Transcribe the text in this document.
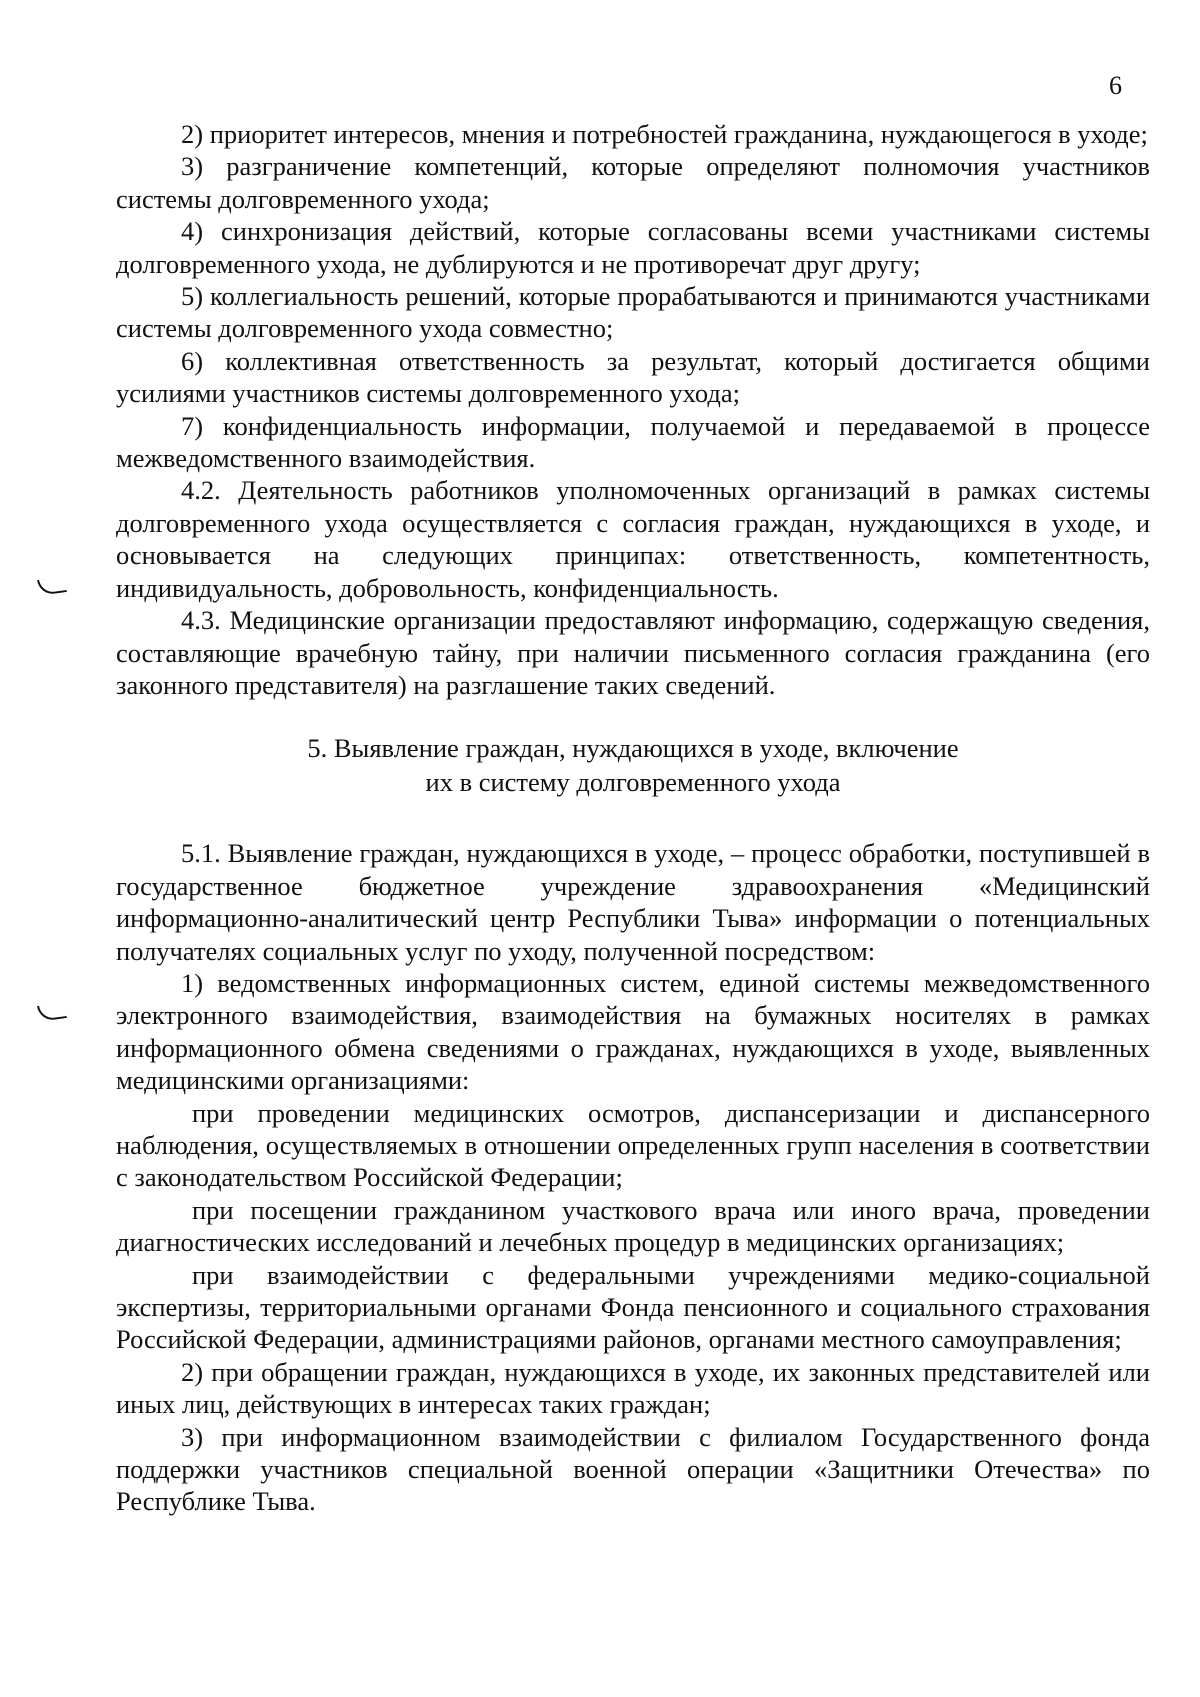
6

2) приоритет интересов, мнения и потребностей гражданина, нуждающегося в уходе;

3) разграничение компетенций, которые определяют полномочия участников системы долговременного ухода;

4) синхронизация действий, которые согласованы всеми участниками системы долговременного ухода, не дублируются и не противоречат друг другу;

5) коллегиальность решений, которые прорабатываются и принимаются участниками системы долговременного ухода совместно;

6) коллективная ответственность за результат, который достигается общими усилиями участников системы долговременного ухода;

7) конфиденциальность информации, получаемой и передаваемой в процессе межведомственного взаимодействия.

4.2. Деятельность работников уполномоченных организаций в рамках системы долговременного ухода осуществляется с согласия граждан, нуждающихся в уходе, и основывается на следующих принципах: ответственность, компетентность, индивидуальность, добровольность, конфиденциальность.

4.3. Медицинские организации предоставляют информацию, содержащую сведения, составляющие врачебную тайну, при наличии письменного согласия гражданина (его законного представителя) на разглашение таких сведений.

5. Выявление граждан, нуждающихся в уходе, включение
их в систему долговременного ухода

5.1. Выявление граждан, нуждающихся в уходе, – процесс обработки, поступившей в государственное бюджетное учреждение здравоохранения «Медицинский информационно-аналитический центр Республики Тыва» информации о потенциальных получателях социальных услуг по уходу, полученной посредством:

1) ведомственных информационных систем, единой системы межведомственного электронного взаимодействия, взаимодействия на бумажных носителях в рамках информационного обмена сведениями о гражданах, нуждающихся в уходе, выявленных медицинскими организациями:

при проведении медицинских осмотров, диспансеризации и диспансерного наблюдения, осуществляемых в отношении определенных групп населения в соответствии с законодательством Российской Федерации;

при посещении гражданином участкового врача или иного врача, проведении диагностических исследований и лечебных процедур в медицинских организациях;

при взаимодействии с федеральными учреждениями медико-социальной экспертизы, территориальными органами Фонда пенсионного и социального страхования Российской Федерации, администрациями районов, органами местного самоуправления;

2) при обращении граждан, нуждающихся в уходе, их законных представителей или иных лиц, действующих в интересах таких граждан;

3) при информационном взаимодействии с филиалом Государственного фонда поддержки участников специальной военной операции «Защитники Отечества» по Республике Тыва.
